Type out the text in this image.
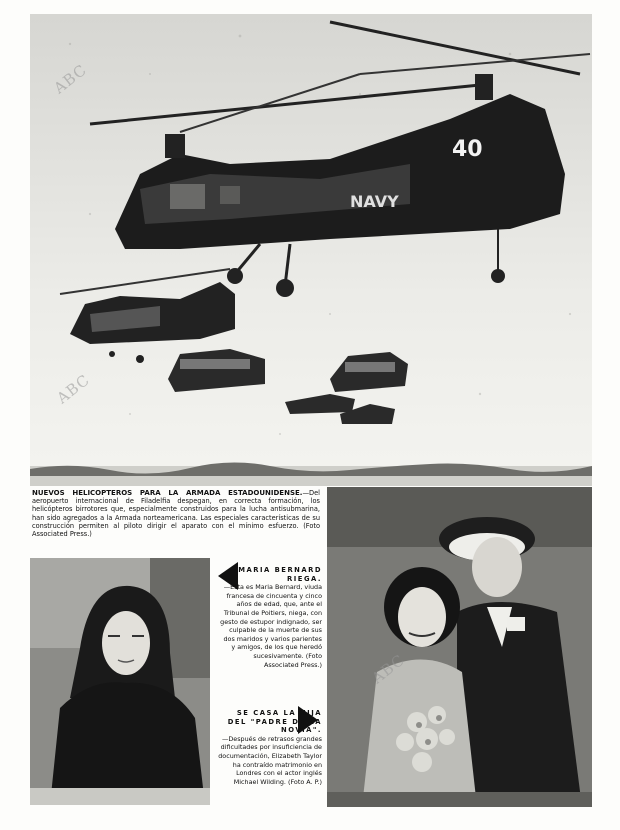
40
NAVY
NUEVOS HELICOPTEROS PARA LA ARMADA ESTADOUNIDENSE.—Del aeropuerto internacional de Filadelfia despegan, en correcta formación, los helicópteros birrotores que, especialmente construidos para la lucha antisubmarina, han sido agregados a la Armada norteamericana. Las especiales características de su construcción permiten al piloto dirigir el aparato con el mínimo esfuerzo. (Foto Associated Press.)
MARIA BERNARD RIEGA.
—Esta es Maria Bernard, viuda francesa de cincuenta y cinco años de edad, que, ante el Tribunal de Poitiers, niega, con gesto de estupor indignado, ser culpable de la muerte de sus dos maridos y varios parientes y amigos, de los que heredó sucesivamente. (Foto Associated Press.)
SE CASA LA HIJA DEL "PADRE DE LA NOVIA".
—Después de retrasos grandes dificultades por insuficiencia de documentación, Elizabeth Taylor ha contraído matrimonio en Londres con el actor inglés Michael Wilding. (Foto A. P.)
ABC
ABC
ABC
